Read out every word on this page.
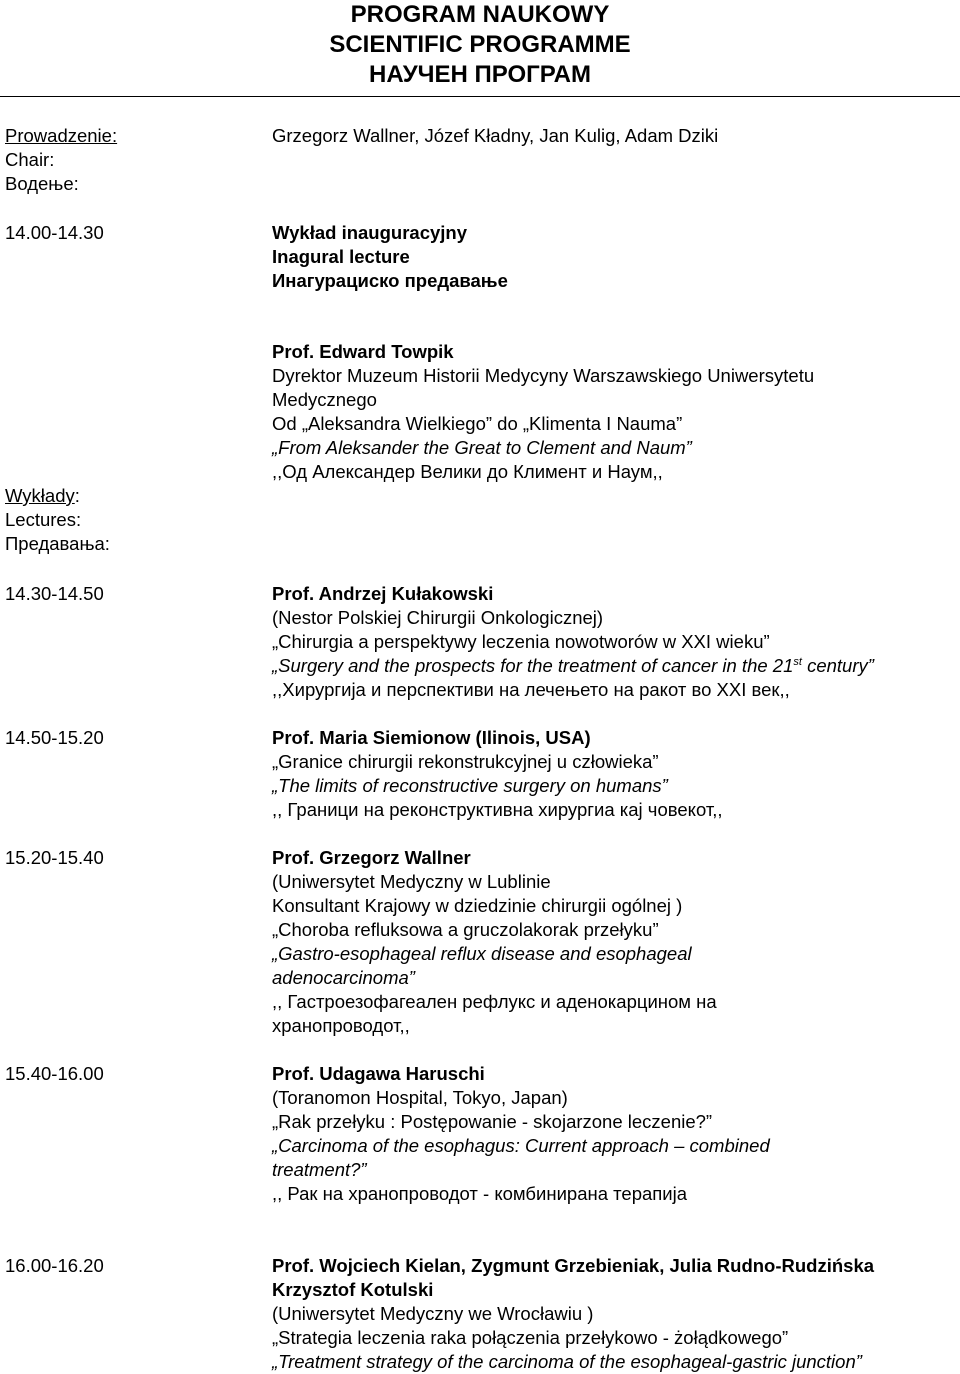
PROGRAM NAUKOWY
SCIENTIFIC PROGRAMME
НАУЧЕН ПРОГРАМ
Prowadzenie:
Chair:
Водење:
Grzegorz Wallner, Józef Kładny, Jan Kulig, Adam Dziki
14.00-14.30	Wykład inauguracyjny
Inagural lecture
Инагурациско предавање
Prof. Edward Towpik
Dyrektor Muzeum Historii Medycyny Warszawskiego Uniwersytetu
Medycznego
Od „Aleksandra Wielkiego” do „Klimenta I Nauma”
„From Aleksander the Great to Clement and Naum”
,,Од Александер Велики до Климент и Наум,,
Wykłady:
Lectures:
Предавања:
14.30-14.50	Prof. Andrzej Kułakowski
(Nestor Polskiej Chirurgii Onkologicznej)
„Chirurgia a perspektywy leczenia nowotworów w XXI wieku”
„Surgery and the prospects for the treatment of cancer in the 21st century”
,,Хирургија и перспективи на лечењето на ракот во XXI век,,
14.50-15.20	Prof. Maria Siemionow (Ilinois, USA)
„Granice chirurgii rekonstrukcyjnej u człowieka”
„The limits of reconstructive surgery on humans”
,, Граници на реконструктивна хирургиа кај човекот,,
15.20-15.40	Prof. Grzegorz Wallner
(Uniwersytet Medyczny w Lublinie
Konsultant Krajowy w dziedzinie chirurgii ogólnej )
„Choroba refluksowa a gruczolakorak przełyku”
„Gastro-esophageal reflux disease and esophageal
adenocarcinoma”
,, Гастроезофагеален рефлукс и аденокарцином на
хранопроводот,,
15.40-16.00	Prof. Udagawa Haruschi
(Toranomon Hospital, Tokyo, Japan)
„Rak przełyku : Postępowanie - skojarzone leczenie?”
„Carcinoma of the esophagus: Current approach – combined
treatment?”
,, Рак на хранопроводот - комбинирана терапија
16.00-16.20	Prof. Wojciech Kielan, Zygmunt Grzebieniak, Julia Rudno-Rudzińska
Krzysztof Kotulski
(Uniwersytet Medyczny we Wrocławiu )
„Strategia leczenia raka połączenia przełykowo - żołądkowego”
„Treatment strategy of the carcinoma of the esophageal-gastric junction”
